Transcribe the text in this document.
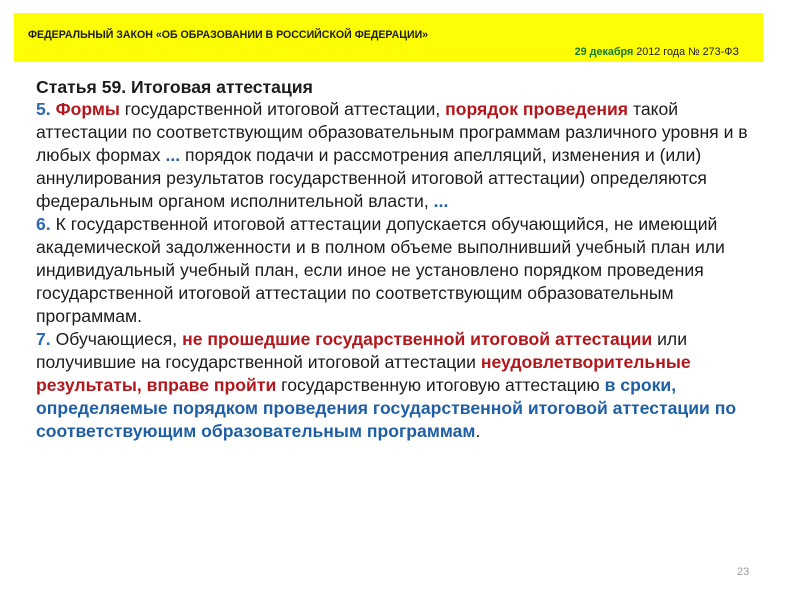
ФЕДЕРАЛЬНЫЙ ЗАКОН «ОБ ОБРАЗОВАНИИ В РОССИЙСКОЙ ФЕДЕРАЦИИ»
29 декабря 2012 года № 273-ФЗ
Статья 59. Итоговая аттестация

5. Формы государственной итоговой аттестации, порядок проведения такой аттестации по соответствующим образовательным программам различного уровня и в любых формах ... порядок подачи и рассмотрения апелляций, изменения и (или) аннулирования результатов государственной итоговой аттестации) определяются федеральным органом исполнительной власти, ...

6. К государственной итоговой аттестации допускается обучающийся, не имеющий академической задолженности и в полном объеме выполнивший учебный план или индивидуальный учебный план, если иное не установлено порядком проведения государственной итоговой аттестации по соответствующим образовательным программам.

7. Обучающиеся, не прошедшие государственной итоговой аттестации или получившие на государственной итоговой аттестации неудовлетворительные результаты, вправе пройти государственную итоговую аттестацию в сроки, определяемые порядком проведения государственной итоговой аттестации по соответствующим образовательным программам.

23
